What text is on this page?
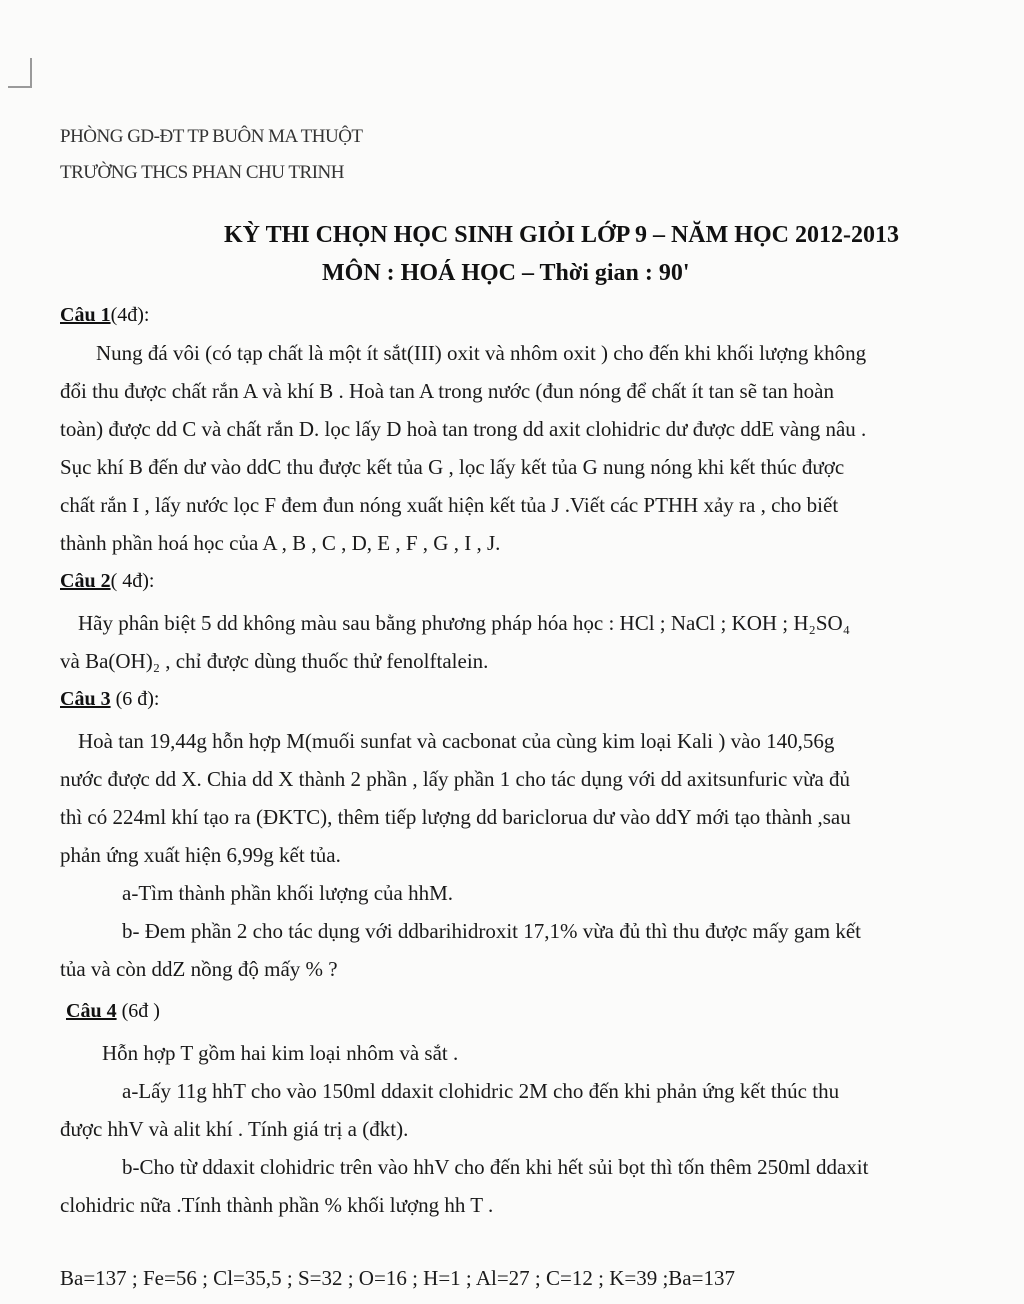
PHÒNG GD-ĐT TP BUÔN MA THUỘT
TRƯỜNG THCS PHAN CHU TRINH
KỲ THI CHỌN HỌC SINH GIỎI LỚP 9 – NĂM HỌC 2012-2013
MÔN : HOÁ HỌC – Thời gian : 90'
Câu 1(4đ):
Nung đá vôi (có tạp chất là một ít sắt(III) oxit và nhôm oxit ) cho đến khi khối lượng không
đổi thu được chất rắn A và khí B . Hoà tan A trong nước (đun nóng để chất ít tan sẽ tan hoàn
toàn) được dd C và chất rắn D. lọc lấy D hoà tan trong dd axit clohidric dư được ddE vàng nâu .
Sục khí B đến dư vào ddC thu được kết tủa G , lọc lấy kết tủa G nung nóng khi kết thúc được
chất rắn I , lấy nước lọc F đem đun nóng xuất hiện kết tủa J .Viết các PTHH xảy ra , cho biết
thành phần hoá học của A , B , C , D, E , F , G , I , J.
Câu 2( 4đ):
Hãy phân biệt 5 dd không màu sau bằng phương pháp hóa học : HCl ; NaCl ; KOH ; H₂SO₄
và Ba(OH)₂ , chỉ được dùng thuốc thử fenolftalein.
Câu 3 (6 đ):
Hoà tan 19,44g hỗn hợp M(muối sunfat và cacbonat của cùng kim loại Kali ) vào 140,56g
nước được dd X. Chia dd X thành 2 phần , lấy phần 1 cho tác dụng với dd axitsunfuric vừa đủ
thì có 224ml khí tạo ra (ĐKTC), thêm tiếp lượng dd bariclorua dư vào ddY mới tạo thành ,sau
phản ứng xuất hiện 6,99g kết tủa.
a-Tìm thành phần khối lượng của hhM.
b- Đem phần 2 cho tác dụng với ddbarihidroxit 17,1% vừa đủ thì thu được mấy gam kết
tủa và còn ddZ nồng độ mấy % ?
Câu 4 (6đ )
Hỗn hợp T gồm hai kim loại nhôm và sắt .
a-Lấy 11g hhT cho vào 150ml ddaxit clohidric 2M cho đến khi phản ứng kết thúc thu
được hhV và alit khí . Tính giá trị a (đkt).
b-Cho từ ddaxit clohidric trên vào hhV cho đến khi hết sủi bọt thì tốn thêm 250ml ddaxit
clohidric nữa .Tính thành phần % khối lượng hh T .
Ba=137 ; Fe=56 ; Cl=35,5 ; S=32 ; O=16 ; H=1 ; Al=27 ; C=12 ; K=39 ;Ba=137
